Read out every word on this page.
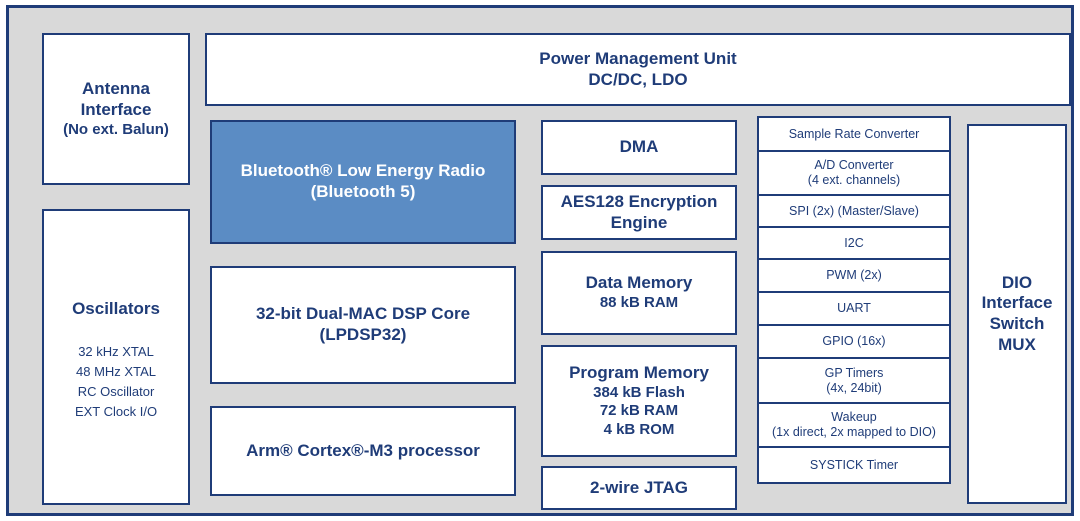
Antenna
Interface
(No ext. Balun)
Oscillators
32 kHz XTAL
48 MHz XTAL
RC Oscillator
EXT Clock I/O
Power Management Unit
DC/DC, LDO
Bluetooth® Low Energy Radio
(Bluetooth 5)
32-bit Dual-MAC DSP Core
(LPDSP32)
Arm® Cortex®-M3 processor
DMA
AES128 Encryption
Engine
Data Memory
88 kB RAM
Program Memory
384 kB Flash
72 kB RAM
4 kB ROM
2-wire JTAG
Sample Rate Converter
A/D Converter
(4 ext. channels)
SPI (2x) (Master/Slave)
I2C
PWM (2x)
UART
GPIO (16x)
GP Timers
(4x, 24bit)
Wakeup
(1x direct, 2x mapped to DIO)
SYSTICK Timer
DIO
Interface
Switch
MUX
